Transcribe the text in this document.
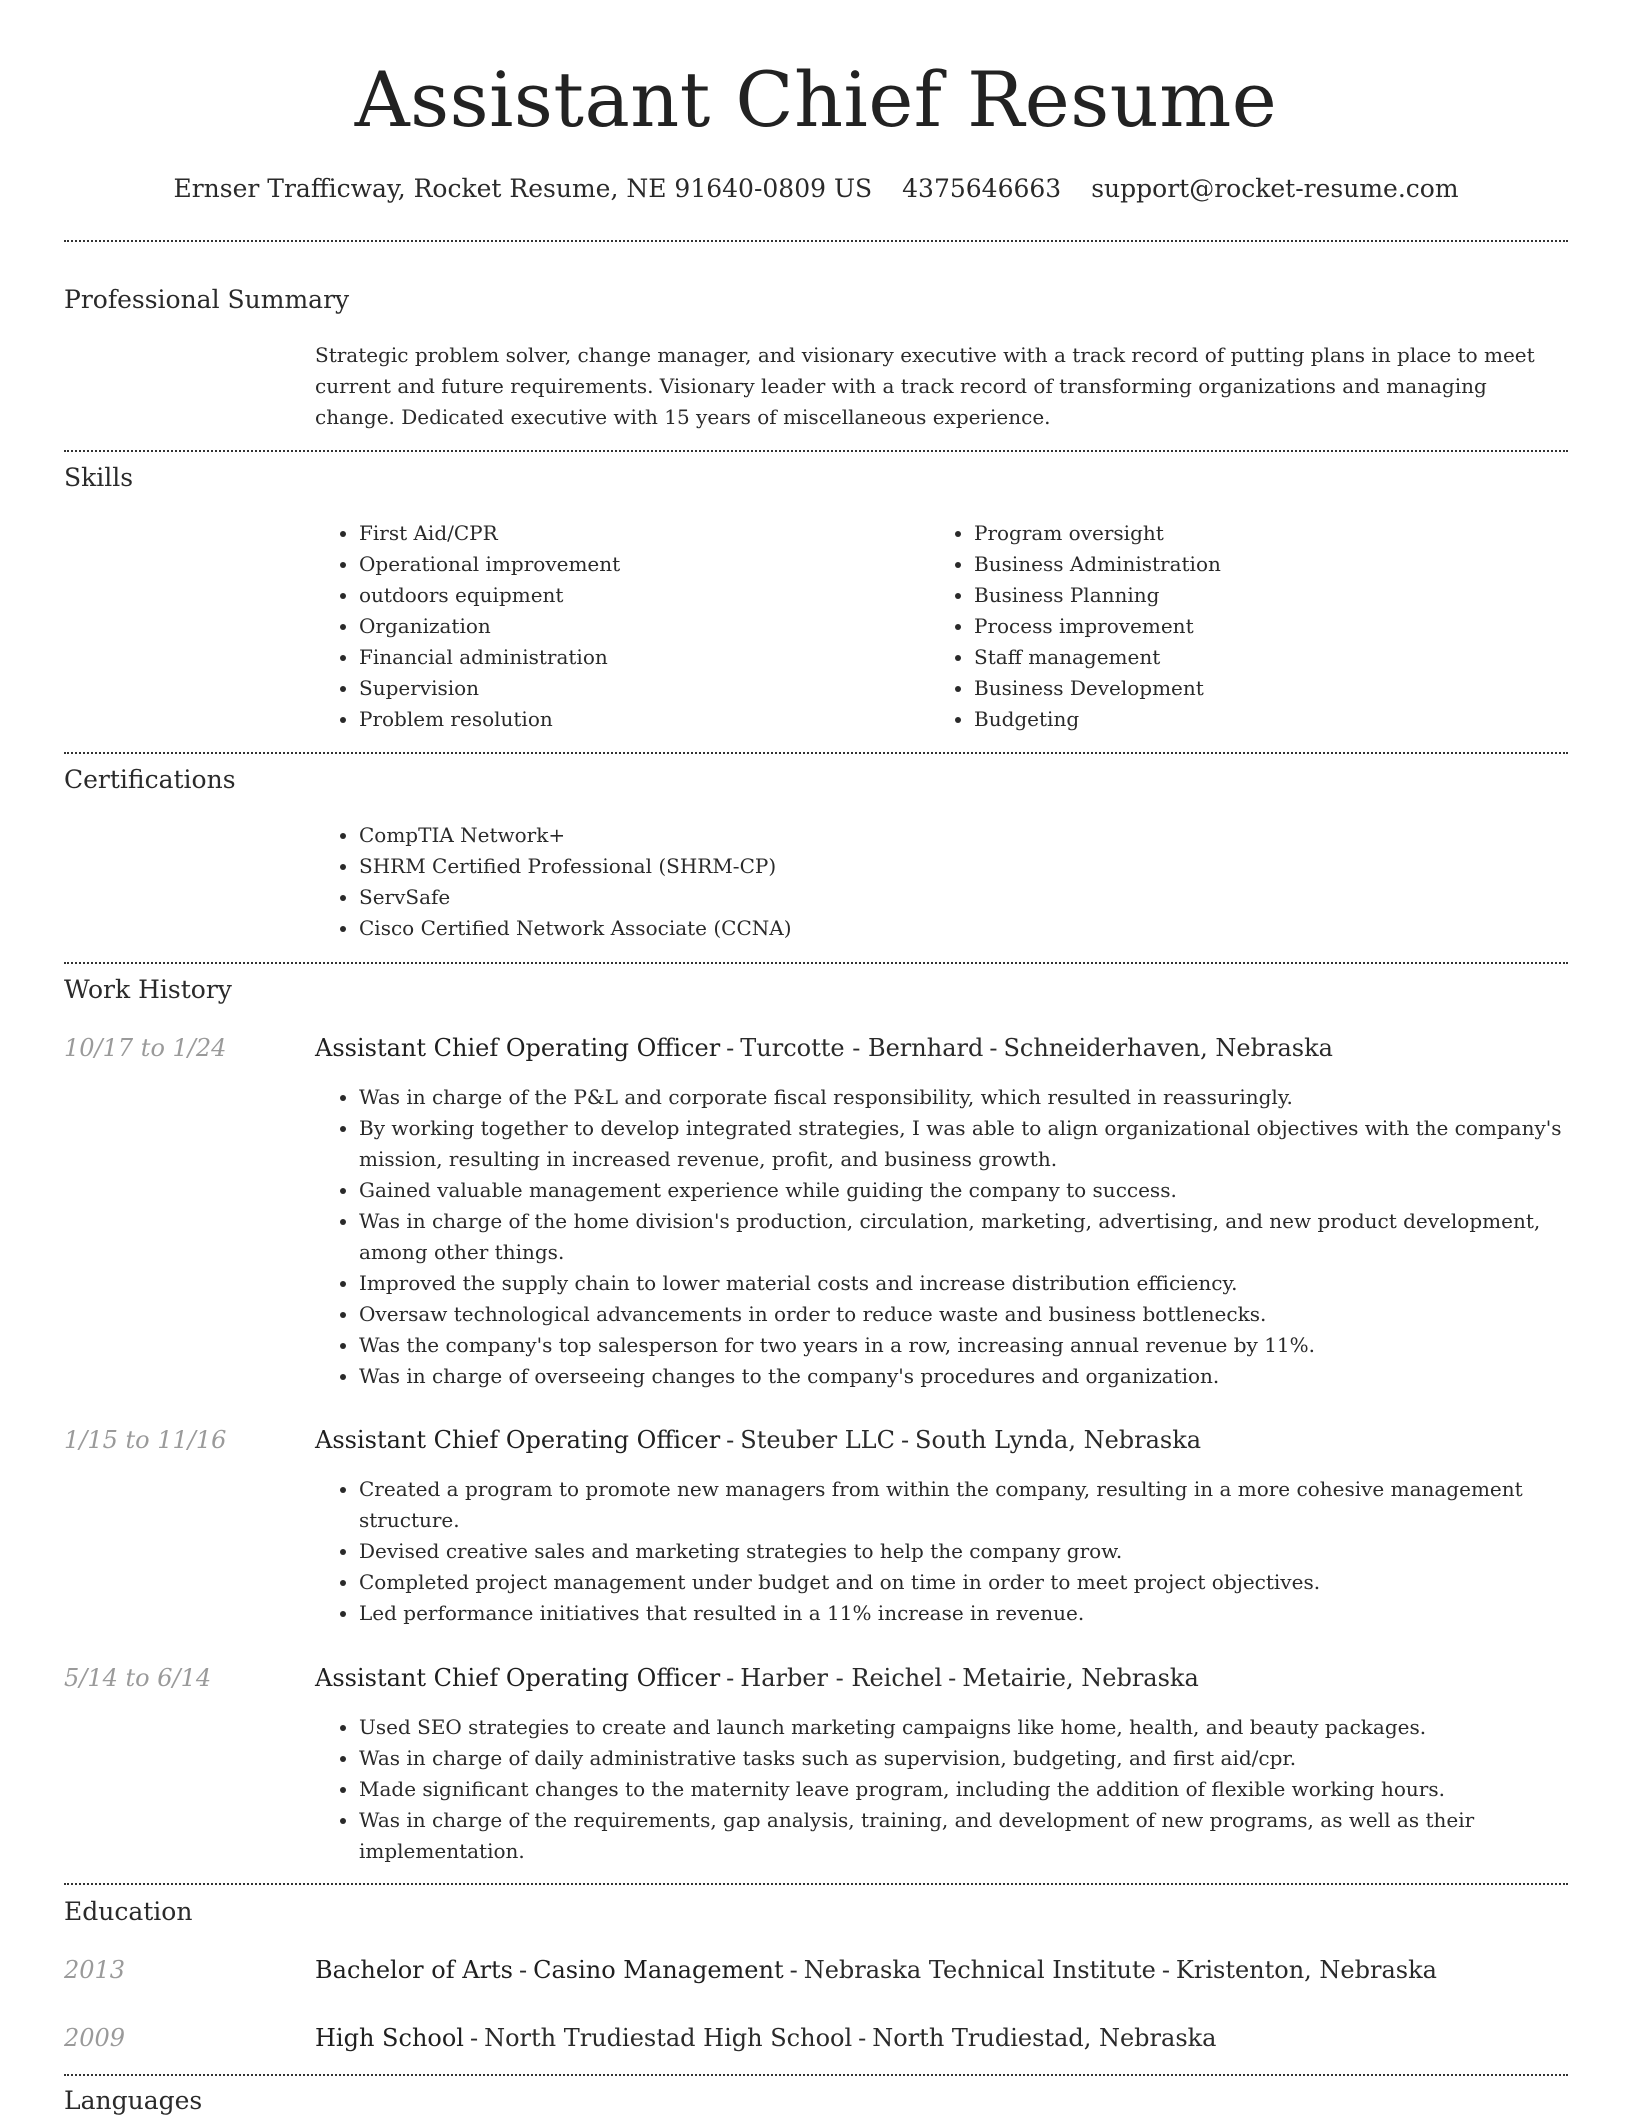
Assistant Chief Resume
Ernser Trafficway, Rocket Resume, NE 91640-0809 US 4375646663 support@rocket-resume.com
Professional Summary
Strategic problem solver, change manager, and visionary executive with a track record of putting plans in place to meet current and future requirements. Visionary leader with a track record of transforming organizations and managing change. Dedicated executive with 15 years of miscellaneous experience.
Skills
• First Aid/CPR
• Operational improvement
• outdoors equipment
• Organization
• Financial administration
• Supervision
• Problem resolution
• Program oversight
• Business Administration
• Business Planning
• Process improvement
• Staff management
• Business Development
• Budgeting
Certifications
• CompTIA Network+
• SHRM Certified Professional (SHRM-CP)
• ServSafe
• Cisco Certified Network Associate (CCNA)
Work History
10/17 to 1/24	Assistant Chief Operating Officer - Turcotte - Bernhard - Schneiderhaven, Nebraska
• Was in charge of the P&L and corporate fiscal responsibility, which resulted in reassuringly.
• By working together to develop integrated strategies, I was able to align organizational objectives with the company's mission, resulting in increased revenue, profit, and business growth.
• Gained valuable management experience while guiding the company to success.
• Was in charge of the home division's production, circulation, marketing, advertising, and new product development, among other things.
• Improved the supply chain to lower material costs and increase distribution efficiency.
• Oversaw technological advancements in order to reduce waste and business bottlenecks.
• Was the company's top salesperson for two years in a row, increasing annual revenue by 11%.
• Was in charge of overseeing changes to the company's procedures and organization.
1/15 to 11/16	Assistant Chief Operating Officer - Steuber LLC - South Lynda, Nebraska
• Created a program to promote new managers from within the company, resulting in a more cohesive management structure.
• Devised creative sales and marketing strategies to help the company grow.
• Completed project management under budget and on time in order to meet project objectives.
• Led performance initiatives that resulted in a 11% increase in revenue.
5/14 to 6/14	Assistant Chief Operating Officer - Harber - Reichel - Metairie, Nebraska
• Used SEO strategies to create and launch marketing campaigns like home, health, and beauty packages.
• Was in charge of daily administrative tasks such as supervision, budgeting, and first aid/cpr.
• Made significant changes to the maternity leave program, including the addition of flexible working hours.
• Was in charge of the requirements, gap analysis, training, and development of new programs, as well as their implementation.
Education
2013	Bachelor of Arts - Casino Management - Nebraska Technical Institute - Kristenton, Nebraska
2009	High School - North Trudiestad High School - North Trudiestad, Nebraska
Languages
